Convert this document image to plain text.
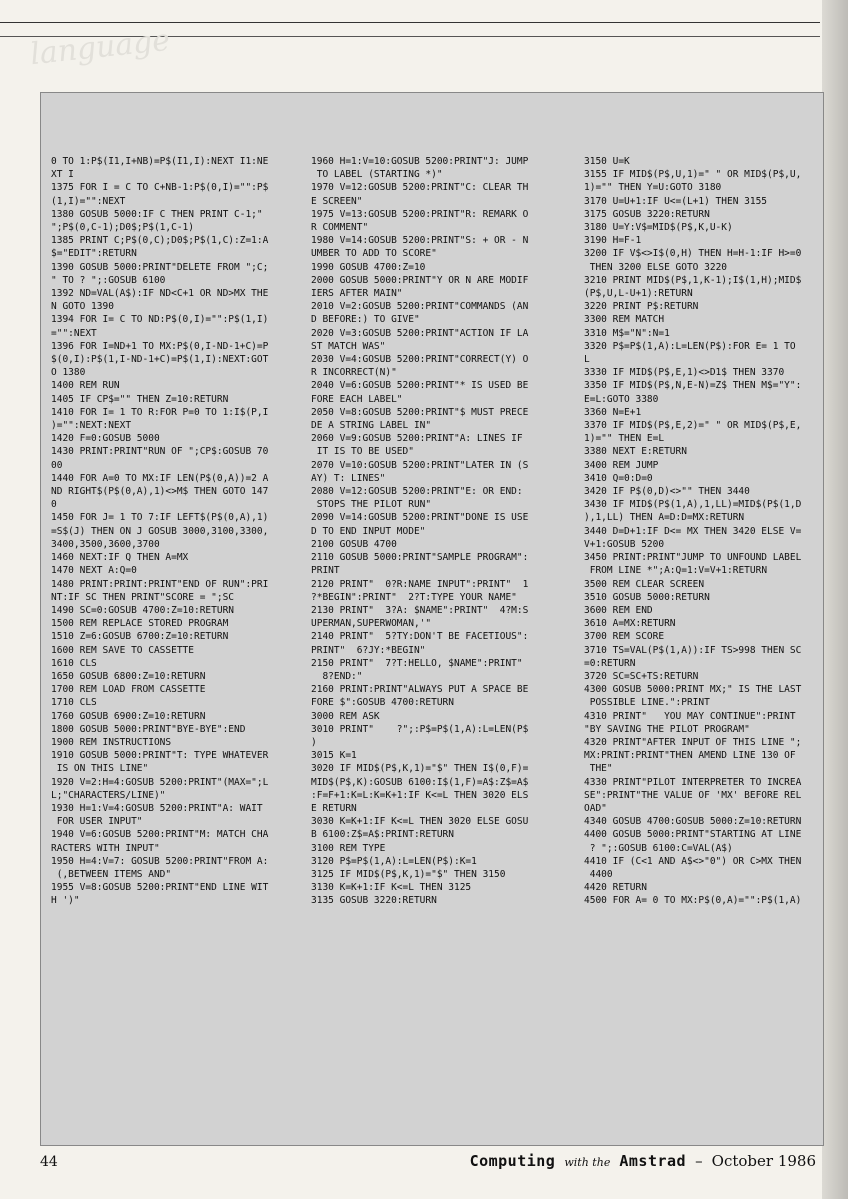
language
0 TO 1:P$(I1,I+NB)=P$(I1,I):NEXT I1:NE
XT I
1375 FOR I = C TO C+NB-1:P$(0,I)="":P$
(1,I)="":NEXT
1380 GOSUB 5000:IF C THEN PRINT C-1;"
";P$(0,C-1);D0$;P$(1,C-1)
1385 PRINT C;P$(0,C);D0$;P$(1,C):Z=1:A
$="EDIT":RETURN
1390 GOSUB 5000:PRINT"DELETE FROM ";C;
" TO ? ";:GOSUB 6100
1392 ND=VAL(A$):IF ND<C+1 OR ND>MX THE
N GOTO 1390
1394 FOR I= C TO ND:P$(0,I)="":P$(1,I)
="":NEXT
1396 FOR I=ND+1 TO MX:P$(0,I-ND-1+C)=P
$(0,I):P$(1,I-ND-1+C)=P$(1,I):NEXT:GOT
O 1380
1400 REM RUN
1405 IF CP$="" THEN Z=10:RETURN
1410 FOR I= 1 TO R:FOR P=0 TO 1:I$(P,I
)="":NEXT:NEXT
1420 F=0:GOSUB 5000
1430 PRINT:PRINT"RUN OF ";CP$:GOSUB 70
00
1440 FOR A=0 TO MX:IF LEN(P$(0,A))=2 A
ND RIGHT$(P$(0,A),1)<>M$ THEN GOTO 147
0
1450 FOR J= 1 TO 7:IF LEFT$(P$(0,A),1)
=S$(J) THEN ON J GOSUB 3000,3100,3300,
3400,3500,3600,3700
1460 NEXT:IF Q THEN A=MX
1470 NEXT A:Q=0
1480 PRINT:PRINT:PRINT"END OF RUN":PRI
NT:IF SC THEN PRINT"SCORE = ";SC
1490 SC=0:GOSUB 4700:Z=10:RETURN
1500 REM REPLACE STORED PROGRAM
1510 Z=6:GOSUB 6700:Z=10:RETURN
1600 REM SAVE TO CASSETTE
1610 CLS
1650 GOSUB 6800:Z=10:RETURN
1700 REM LOAD FROM CASSETTE
1710 CLS
1760 GOSUB 6900:Z=10:RETURN
1800 GOSUB 5000:PRINT"BYE-BYE":END
1900 REM INSTRUCTIONS
1910 GOSUB 5000:PRINT"T: TYPE WHATEVER
IS ON THIS LINE"
1920 V=2:H=4:GOSUB 5200:PRINT"(MAX=";L
L;"CHARACTERS/LINE)"
1930 H=1:V=4:GOSUB 5200:PRINT"A: WAIT
FOR USER INPUT"
1940 V=6:GOSUB 5200:PRINT"M: MATCH CHA
RACTERS WITH INPUT"
1950 H=4:V=7: GOSUB 5200:PRINT"FROM A:
(,BETWEEN ITEMS AND"
1955 V=8:GOSUB 5200:PRINT"END LINE WIT
H ')"
1960 H=1:V=10:GOSUB 5200:PRINT"J: JUMP
TO LABEL (STARTING *)"
1970 V=12:GOSUB 5200:PRINT"C: CLEAR TH
E SCREEN"
1975 V=13:GOSUB 5200:PRINT"R: REMARK O
R COMMENT"
1980 V=14:GOSUB 5200:PRINT"S: + OR - N
UMBER TO ADD TO SCORE"
1990 GOSUB 4700:Z=10
2000 GOSUB 5000:PRINT"Y OR N ARE MODIF
IERS AFTER MAIN"
2010 V=2:GOSUB 5200:PRINT"COMMANDS (AN
D BEFORE:) TO GIVE"
2020 V=3:GOSUB 5200:PRINT"ACTION IF LA
ST MATCH WAS"
2030 V=4:GOSUB 5200:PRINT"CORRECT(Y) O
R INCORRECT(N)"
2040 V=6:GOSUB 5200:PRINT"* IS USED BE
FORE EACH LABEL"
2050 V=8:GOSUB 5200:PRINT"$ MUST PRECE
DE A STRING LABEL IN"
2060 V=9:GOSUB 5200:PRINT"A: LINES IF
IT IS TO BE USED"
2070 V=10:GOSUB 5200:PRINT"LATER IN (S
AY) T: LINES"
2080 V=12:GOSUB 5200:PRINT"E: OR END:
STOPS THE PILOT RUN"
2090 V=14:GOSUB 5200:PRINT"DONE IS USE
D TO END INPUT MODE"
2100 GOSUB 4700
2110 GOSUB 5000:PRINT"SAMPLE PROGRAM":
PRINT
2120 PRINT"  0?R:NAME INPUT":PRINT"  1
?*BEGIN":PRINT"  2?T:TYPE YOUR NAME"
2130 PRINT"  3?A: $NAME":PRINT"  4?M:S
UPERMAN,SUPERWOMAN,'"
2140 PRINT"  5?TY:DON'T BE FACETIOUS":
PRINT"  6?JY:*BEGIN"
2150 PRINT"  7?T:HELLO, $NAME":PRINT"
8?END:"
2160 PRINT:PRINT"ALWAYS PUT A SPACE BE
FORE $":GOSUB 4700:RETURN
3000 REM ASK
3010 PRINT"    ?";:P$=P$(1,A):L=LEN(P$
)
3015 K=1
3020 IF MID$(P$,K,1)="$" THEN I$(0,F)=
MID$(P$,K):GOSUB 6100:I$(1,F)=A$:Z$=A$
:F=F+1:K=L:K=K+1:IF K<=L THEN 3020 ELS
E RETURN
3030 K=K+1:IF K<=L THEN 3020 ELSE GOSU
B 6100:Z$=A$:PRINT:RETURN
3100 REM TYPE
3120 P$=P$(1,A):L=LEN(P$):K=1
3125 IF MID$(P$,K,1)="$" THEN 3150
3130 K=K+1:IF K<=L THEN 3125
3135 GOSUB 3220:RETURN
3150 U=K
3155 IF MID$(P$,U,1)=" " OR MID$(P$,U,
1)="" THEN Y=U:GOTO 3180
3170 U=U+1:IF U<=(L+1) THEN 3155
3175 GOSUB 3220:RETURN
3180 U=Y:V$=MID$(P$,K,U-K)
3190 H=F-1
3200 IF V$<>I$(0,H) THEN H=H-1:IF H>=0
THEN 3200 ELSE GOTO 3220
3210 PRINT MID$(P$,1,K-1);I$(1,H);MID$
(P$,U,L-U+1):RETURN
3220 PRINT P$:RETURN
3300 REM MATCH
3310 M$="N":N=1
3320 P$=P$(1,A):L=LEN(P$):FOR E= 1 TO
L
3330 IF MID$(P$,E,1)<>D1$ THEN 3370
3350 IF MID$(P$,N,E-N)=Z$ THEN M$="Y":
E=L:GOTO 3380
3360 N=E+1
3370 IF MID$(P$,E,2)=" " OR MID$(P$,E,
1)="" THEN E=L
3380 NEXT E:RETURN
3400 REM JUMP
3410 Q=0:D=0
3420 IF P$(0,D)<>"" THEN 3440
3430 IF MID$(P$(1,A),1,LL)=MID$(P$(1,D
),1,LL) THEN A=D:D=MX:RETURN
3440 D=D+1:IF D<= MX THEN 3420 ELSE V=
V+1:GOSUB 5200
3450 PRINT:PRINT"JUMP TO UNFOUND LABEL
FROM LINE *";A:Q=1:V=V+1:RETURN
3500 REM CLEAR SCREEN
3510 GOSUB 5000:RETURN
3600 REM END
3610 A=MX:RETURN
3700 REM SCORE
3710 TS=VAL(P$(1,A)):IF TS>998 THEN SC
=0:RETURN
3720 SC=SC+TS:RETURN
4300 GOSUB 5000:PRINT MX;" IS THE LAST
POSSIBLE LINE.":PRINT
4310 PRINT"   YOU MAY CONTINUE":PRINT
"BY SAVING THE PILOT PROGRAM"
4320 PRINT"AFTER INPUT OF THIS LINE ";
MX:PRINT:PRINT"THEN AMEND LINE 130 OF
THE"
4330 PRINT"PILOT INTERPRETER TO INCREA
SE":PRINT"THE VALUE OF 'MX' BEFORE REL
OAD"
4340 GOSUB 4700:GOSUB 5000:Z=10:RETURN
4400 GOSUB 5000:PRINT"STARTING AT LINE
? ";:GOSUB 6100:C=VAL(A$)
4410 IF (C<1 AND A$<>"0") OR C>MX THEN
4400
4420 RETURN
4500 FOR A= 0 TO MX:P$(0,A)="":P$(1,A)
44	Computing with the Amstrad – October 1986
